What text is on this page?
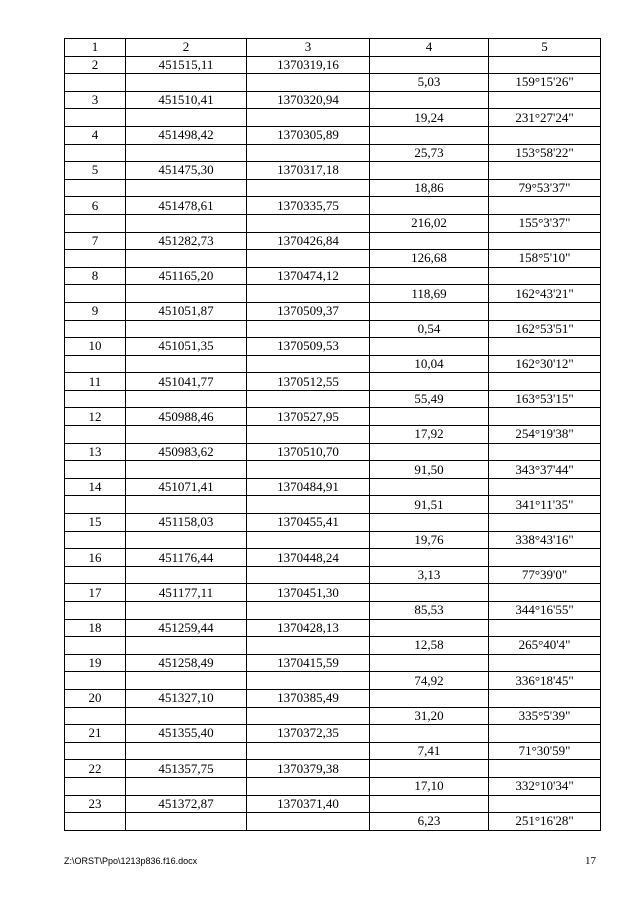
1	2	3	4	5
2	451515,11	1370319,16		
			5,03	159°15'26"
3	451510,41	1370320,94		
			19,24	231°27'24"
4	451498,42	1370305,89		
			25,73	153°58'22"
5	451475,30	1370317,18		
			18,86	79°53'37"
6	451478,61	1370335,75		
			216,02	155°3'37"
7	451282,73	1370426,84		
			126,68	158°5'10"
8	451165,20	1370474,12		
			118,69	162°43'21"
9	451051,87	1370509,37		
			0,54	162°53'51"
10	451051,35	1370509,53		
			10,04	162°30'12"
11	451041,77	1370512,55		
			55,49	163°53'15"
12	450988,46	1370527,95		
			17,92	254°19'38"
13	450983,62	1370510,70		
			91,50	343°37'44"
14	451071,41	1370484,91		
			91,51	341°11'35"
15	451158,03	1370455,41		
			19,76	338°43'16"
16	451176,44	1370448,24		
			3,13	77°39'0"
17	451177,11	1370451,30		
			85,53	344°16'55"
18	451259,44	1370428,13		
			12,58	265°40'4"
19	451258,49	1370415,59		
			74,92	336°18'45"
20	451327,10	1370385,49		
			31,20	335°5'39"
21	451355,40	1370372,35		
			7,41	71°30'59"
22	451357,75	1370379,38		
			17,10	332°10'34"
23	451372,87	1370371,40		
			6,23	251°16'28"
Z:\ORST\Ppo\1213p836.f16.docx	17
